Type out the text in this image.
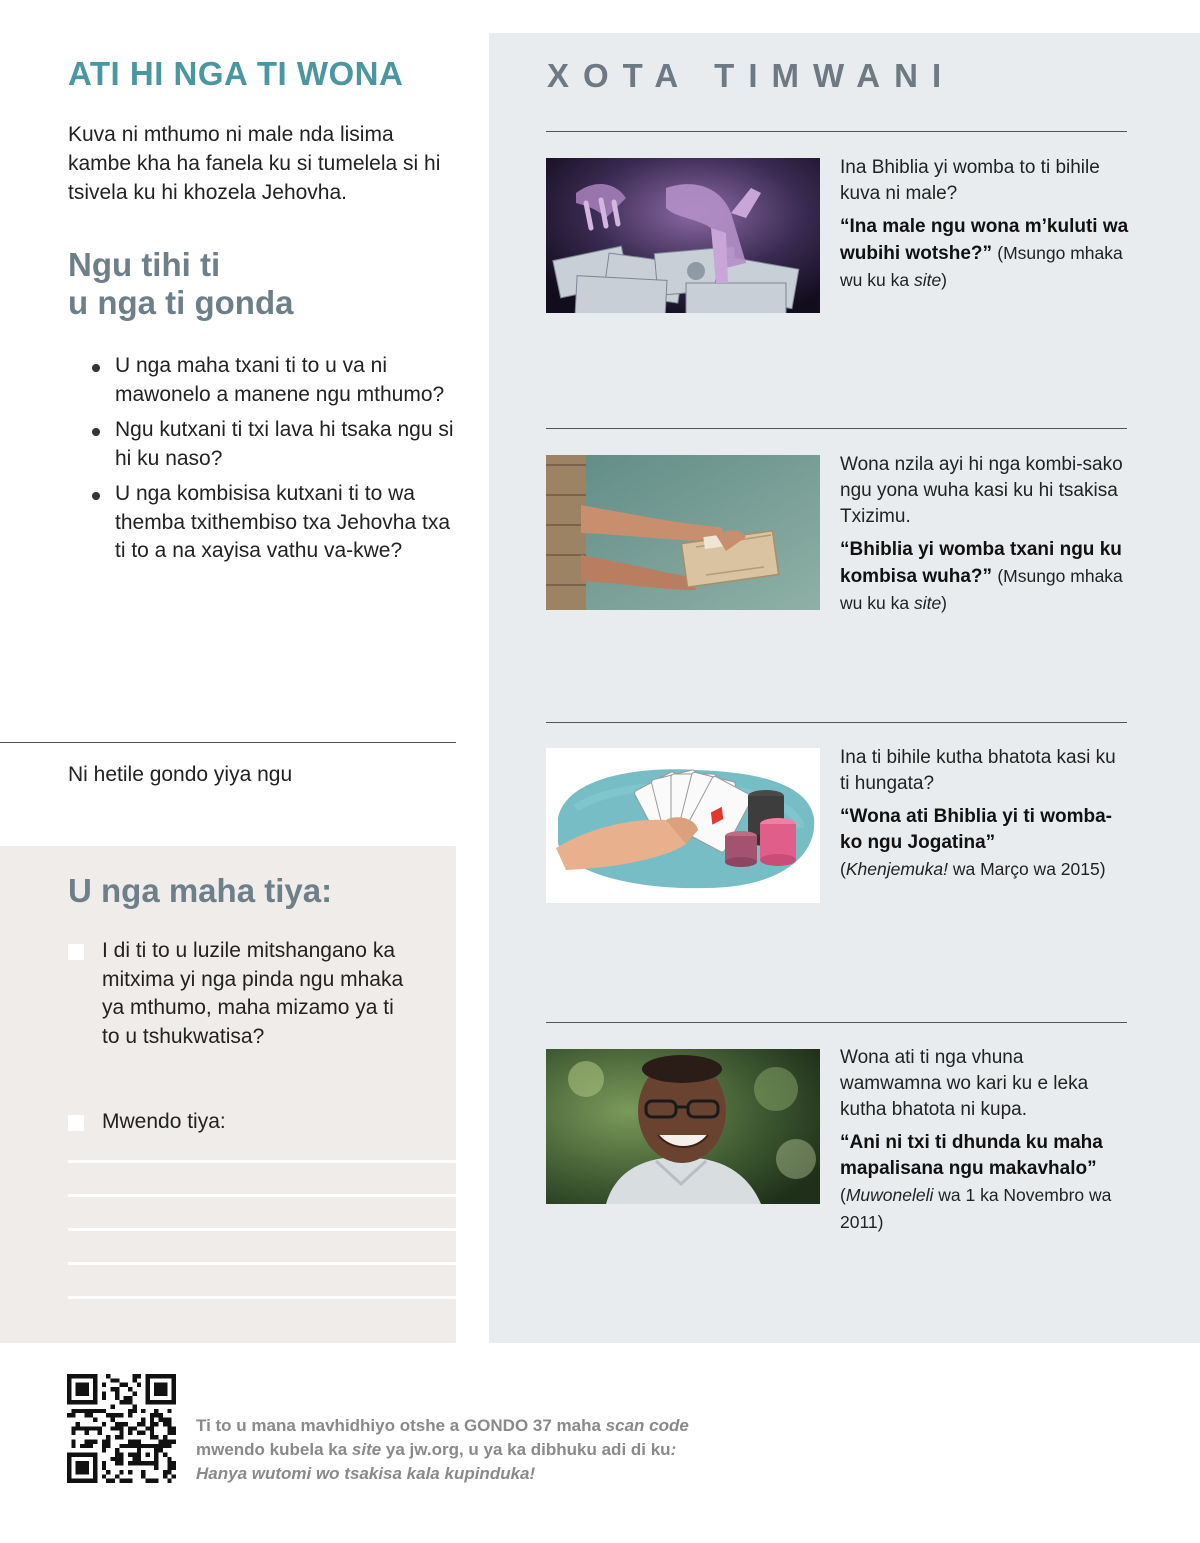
ATI HI NGA TI WONA

Kuva ni mthumo ni male nda lisima kambe kha ha fanela ku si tumelela si hi tsivela ku hi khozela Jehovha.

Ngu tihi ti
u nga ti gonda
U nga maha txani ti to u va ni mawonelo a manene ngu mthumo?
Ngu kutxani ti txi lava hi tsaka ngu si hi ku naso?
U nga kombisisa kutxani ti to wa themba txithembiso txa Jehovha txa ti to a na xayisa vathu va-kwe?
Ni hetile gondo yiya ngu
U nga maha tiya:
I di ti to u luzile mitshangano ka mitxima yi nga pinda ngu mhaka ya mthumo, maha mizamo ya ti to u tshukwatisa?
Mwendo tiya:
XOTA TIMWANI

Ina Bhiblia yi womba to ti bihile kuva ni male?

“Ina male ngu wona m’kuluti wa wubihi wotshe?” (Msungo mhaka wu ku ka site)

Wona nzila ayi hi nga kombi-sako ngu yona wuha kasi ku hi tsakisa Txizimu.

“Bhiblia yi womba txani ngu ku kombisa wuha?” (Msungo mhaka wu ku ka site)

Ina ti bihile kutha bhatota kasi ku ti hungata?

“Wona ati Bhiblia yi ti womba-ko ngu Jogatina”
(Khenjemuka! wa Março wa 2015)

Wona ati ti nga vhuna wamwamna wo kari ku e leka kutha bhatota ni kupa.

“Ani ni txi ti dhunda ku maha mapalisana ngu makavhalo”
(Muwoneleli wa 1 ka Novembro wa 2011)

Ti to u mana mavhidhiyo otshe a GONDO 37 maha scan code mwendo kubela ka site ya jw.org, u ya ka dibhuku adi di ku: Hanya wutomi wo tsakisa kala kupinduka!
